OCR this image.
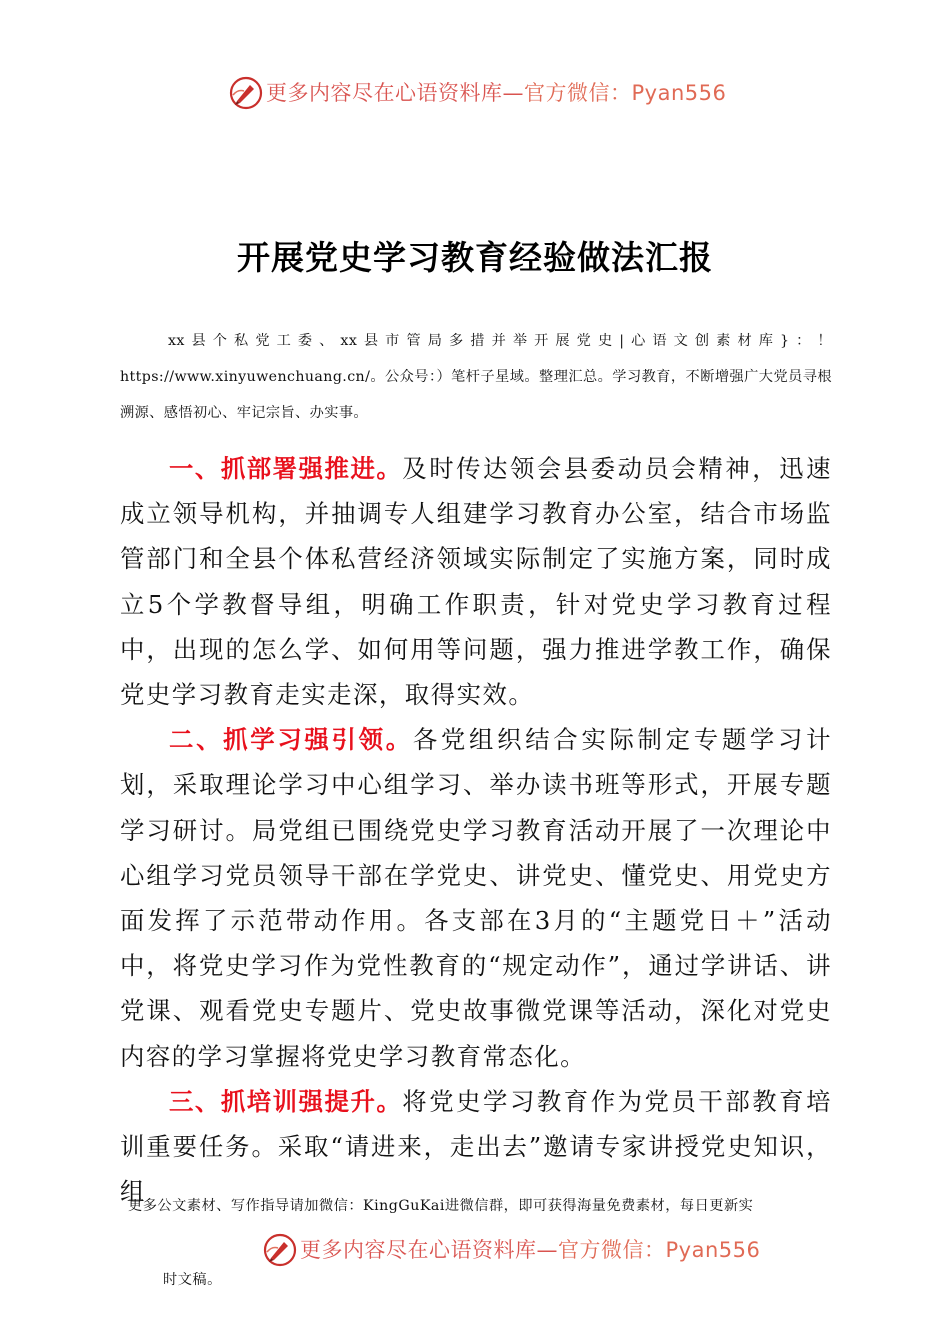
更多内容尽在心语资料库—官方微信：Pyan556
开展党史学习教育经验做法汇报
xx县个私党工委、xx县市管局多措并举开展党史|心语文创素材库}：！https://www.xinyuwenchuang.cn/。公众号：）笔杆子星域。整理汇总。学习教育，不断增强广大党员寻根溯源、感悟初心、牢记宗旨、办实事。

一、抓部署强推进。及时传达领会县委动员会精神，迅速成立领导机构，并抽调专人组建学习教育办公室，结合市场监管部门和全县个体私营经济领域实际制定了实施方案，同时成立5个学教督导组，明确工作职责，针对党史学习教育过程中，出现的怎么学、如何用等问题，强力推进学教工作，确保党史学习教育走实走深，取得实效。

二、抓学习强引领。各党组织结合实际制定专题学习计划，采取理论学习中心组学习、举办读书班等形式，开展专题学习研讨。局党组已围绕党史学习教育活动开展了一次理论中心组学习党员领导干部在学党史、讲党史、懂党史、用党史方面发挥了示范带动作用。各支部在3月的“主题党日＋”活动中，将党史学习作为党性教育的“规定动作”，通过学讲话、讲党课、观看党史专题片、党史故事微党课等活动，深化对党史内容的学习掌握将党史学习教育常态化。

三、抓培训强提升。将党史学习教育作为党员干部教育培训重要任务。采取“请进来，走出去”邀请专家讲授党史知识，组

更多公文素材、写作指导请加微信：KingGuKai进微信群，即可获得海量免费素材，每日更新实
更多内容尽在心语资料库—官方微信：Pyan556
时文稿。
